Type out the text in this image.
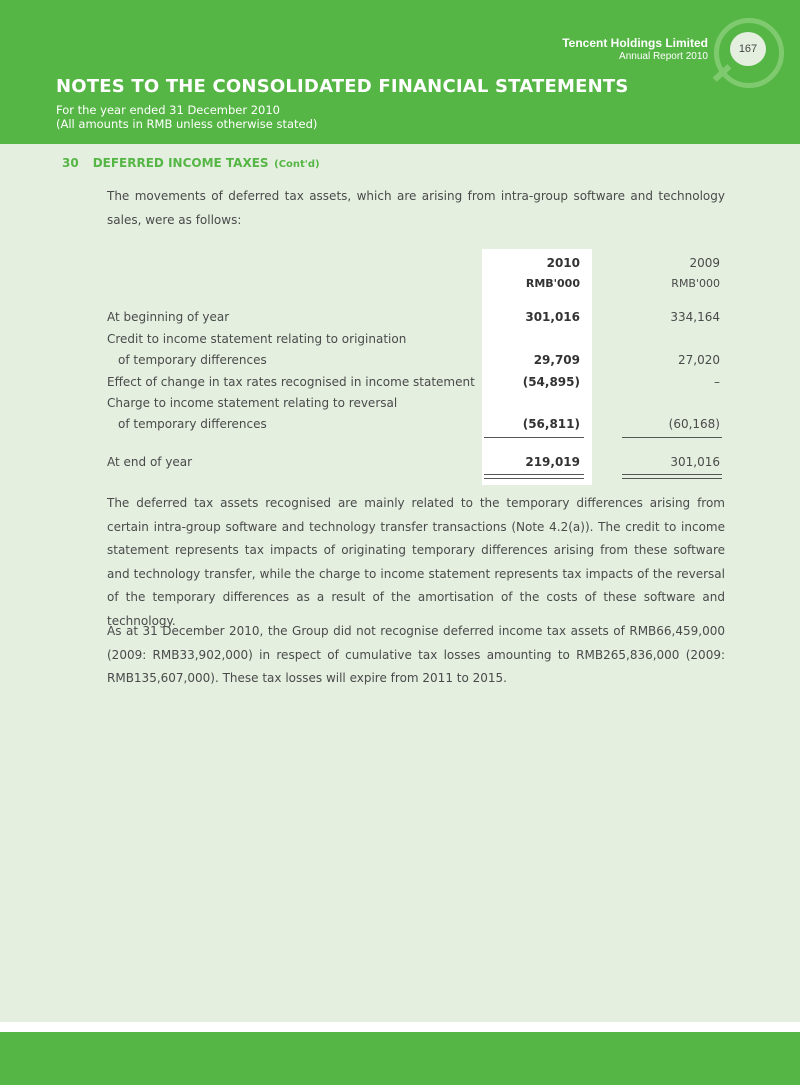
167
Tencent Holdings Limited
Annual Report 2010
NOTES TO THE CONSOLIDATED FINANCIAL STATEMENTS
For the year ended 31 December 2010
(All amounts in RMB unless otherwise stated)
30 DEFERRED INCOME TAXES (Cont'd)
The movements of deferred tax assets, which are arising from intra-group software and technology sales, were as follows:
2010	2009
RMB'000	RMB'000
At beginning of year	301,016	334,164
Credit to income statement relating to origination
of temporary differences	29,709	27,020
Effect of change in tax rates recognised in income statement	(54,895)	–
Charge to income statement relating to reversal
of temporary differences	(56,811)	(60,168)
At end of year	219,019	301,016
The deferred tax assets recognised are mainly related to the temporary differences arising from certain intra-group software and technology transfer transactions (Note 4.2(a)). The credit to income statement represents tax impacts of originating temporary differences arising from these software and technology transfer, while the charge to income statement represents tax impacts of the reversal of the temporary differences as a result of the amortisation of the costs of these software and technology.
As at 31 December 2010, the Group did not recognise deferred income tax assets of RMB66,459,000 (2009: RMB33,902,000) in respect of cumulative tax losses amounting to RMB265,836,000 (2009: RMB135,607,000). These tax losses will expire from 2011 to 2015.
